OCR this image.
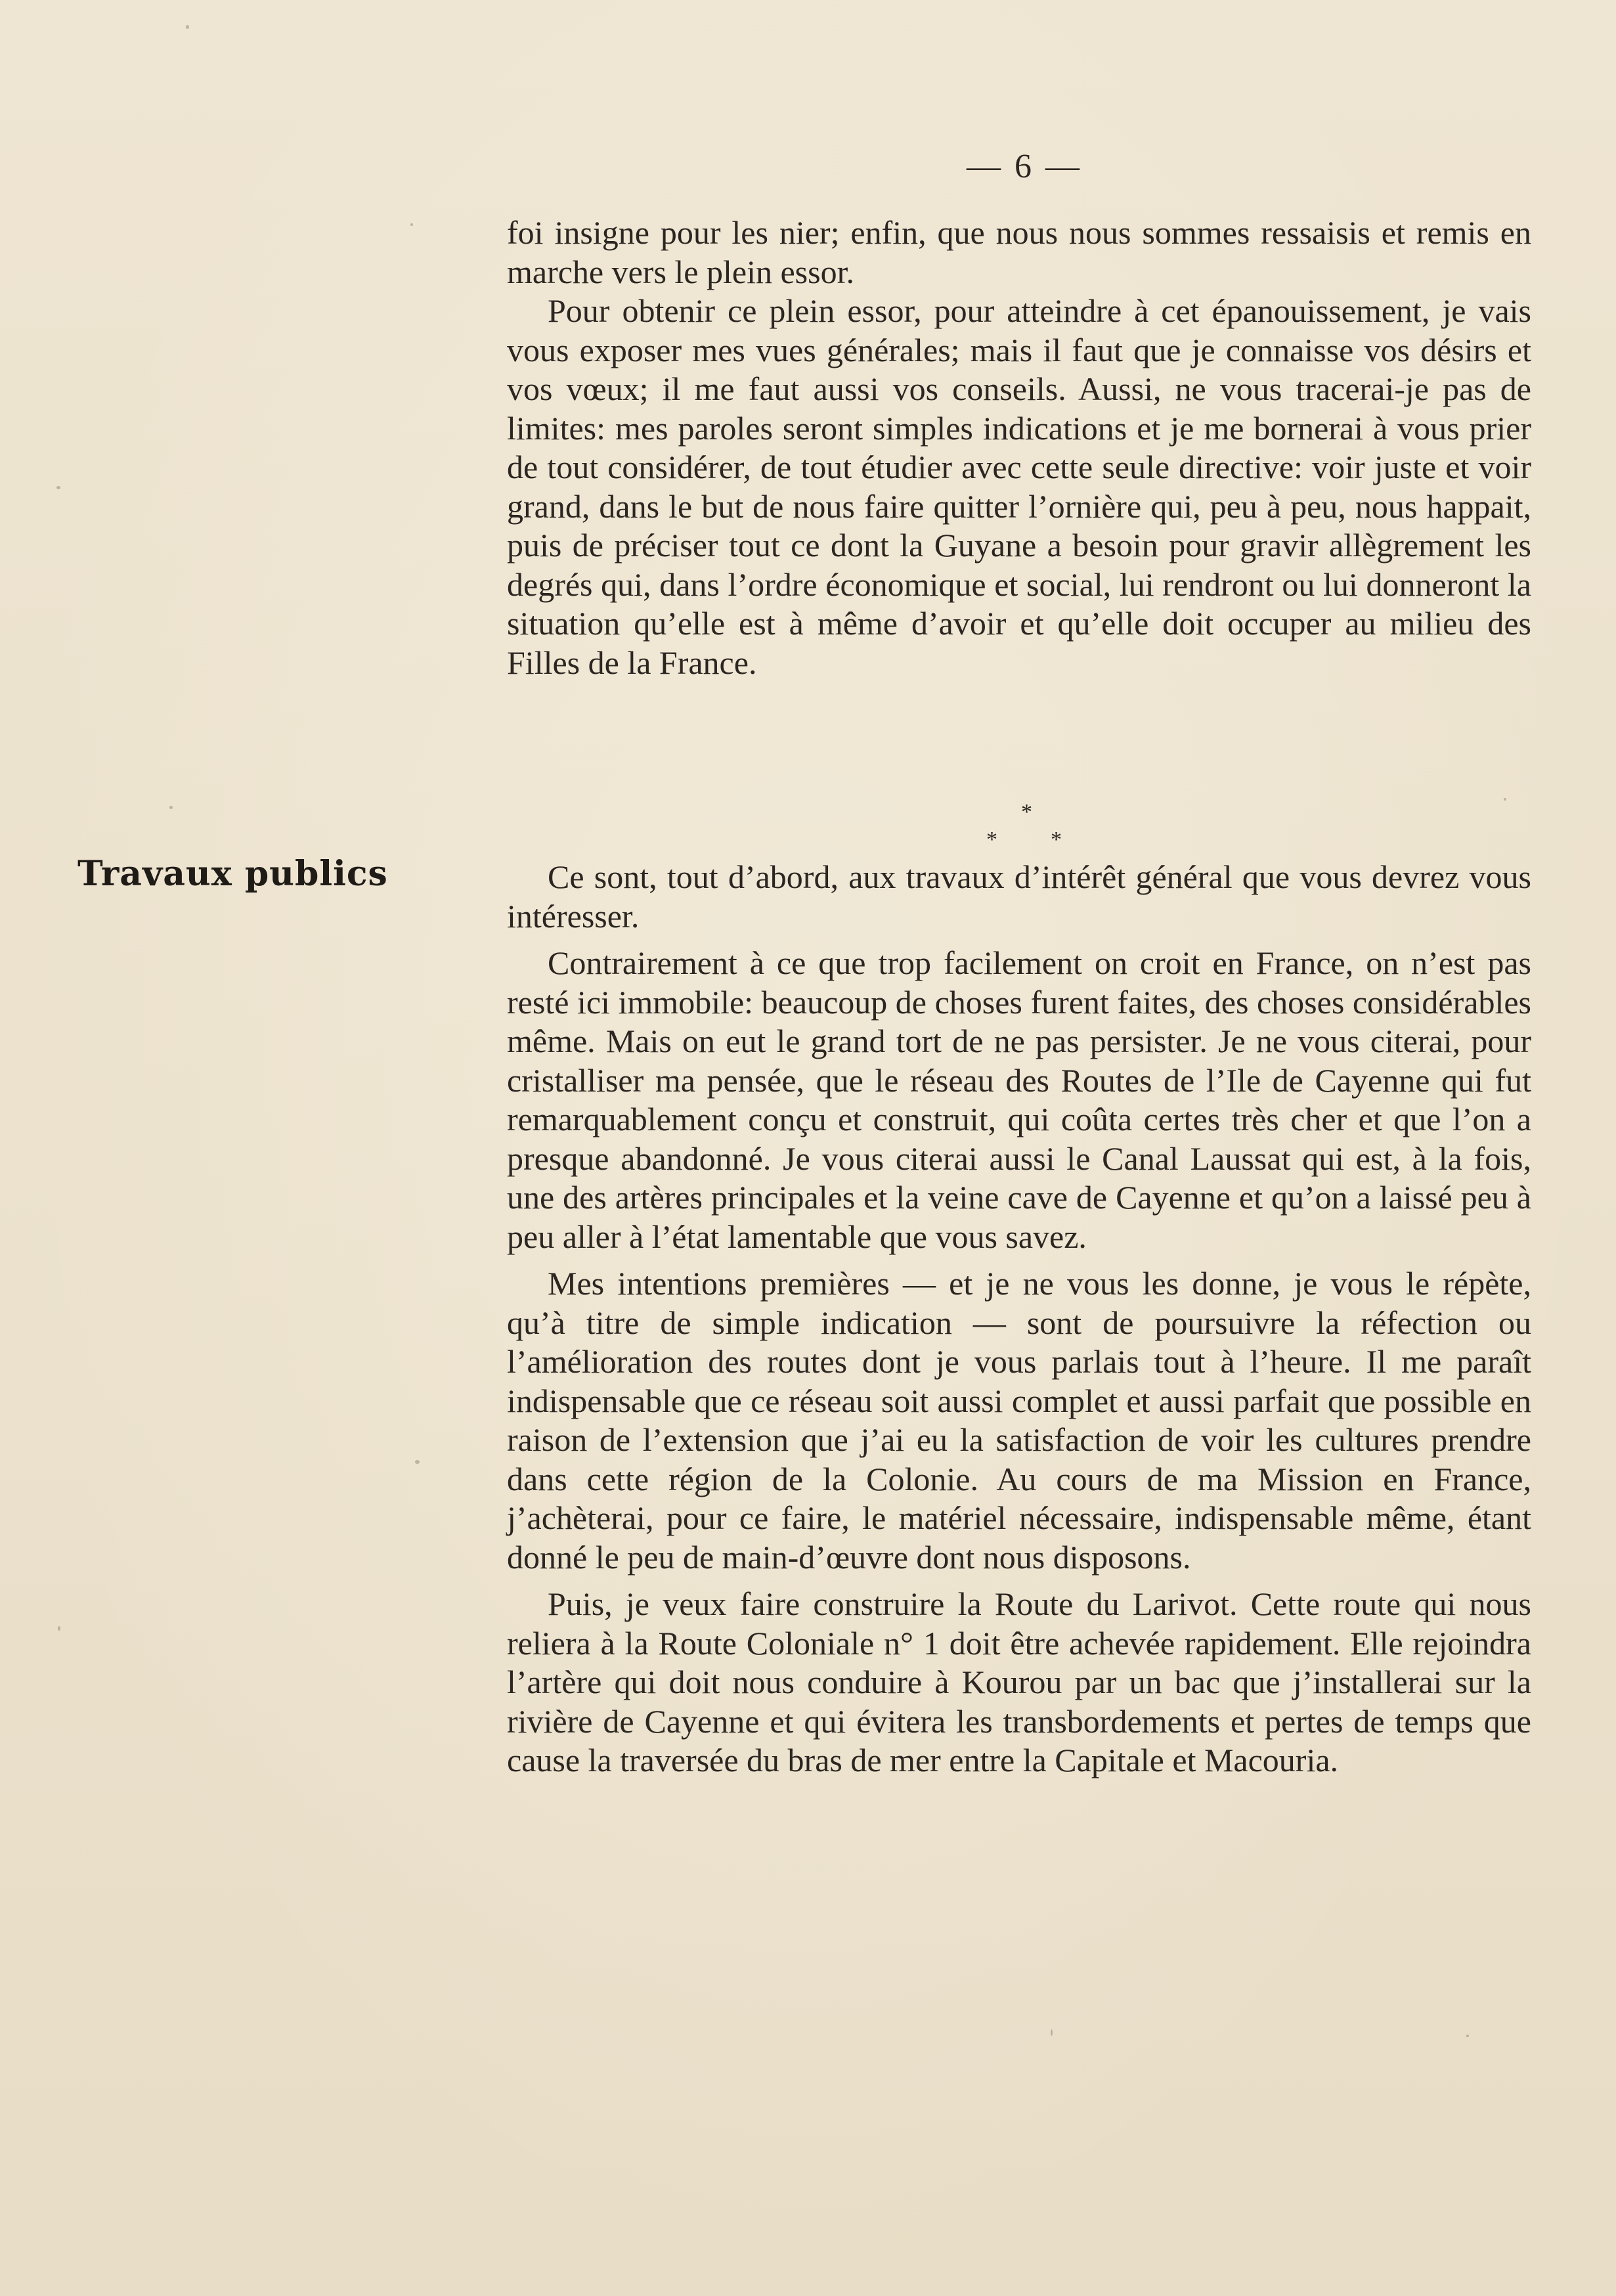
— 6 —

foi insigne pour les nier; enfin, que nous nous sommes ressaisis et remis en marche vers le plein essor.

Pour obtenir ce plein essor, pour atteindre à cet épanouissement, je vais vous exposer mes vues générales; mais il faut que je connaisse vos désirs et vos vœux; il me faut aussi vos conseils. Aussi, ne vous tracerai-je pas de limites: mes paroles seront simples indications et je me bornerai à vous prier de tout considérer, de tout étudier avec cette seule directive: voir juste et voir grand, dans le but de nous faire quitter l’ornière qui, peu à peu, nous happait, puis de préciser tout ce dont la Guyane a besoin pour gravir allègrement les degrés qui, dans l’ordre économique et social, lui rendront ou lui donneront la situation qu’elle est à même d’avoir et qu’elle doit occuper au milieu des Filles de la France.

*
* *
Travaux publics	Ce sont, tout d’abord, aux travaux d’intérêt général que vous devrez vous intéresser.

Contrairement à ce que trop facilement on croit en France, on n’est pas resté ici immobile: beaucoup de choses furent faites, des choses considérables même. Mais on eut le grand tort de ne pas persister. Je ne vous citerai, pour cristalliser ma pensée, que le réseau des Routes de l’Ile de Cayenne qui fut remarquablement conçu et construit, qui coûta certes très cher et que l’on a presque abandonné. Je vous citerai aussi le Canal Laussat qui est, à la fois, une des artères principales et la veine cave de Cayenne et qu’on a laissé peu à peu aller à l’état lamentable que vous savez.

Mes intentions premières — et je ne vous les donne, je vous le répète, qu’à titre de simple indication — sont de poursuivre la réfection ou l’amélioration des routes dont je vous parlais tout à l’heure. Il me paraît indispensable que ce réseau soit aussi complet et aussi parfait que possible en raison de l’extension que j’ai eu la satisfaction de voir les cultures prendre dans cette région de la Colonie. Au cours de ma Mission en France, j’achèterai, pour ce faire, le matériel nécessaire, indispensable même, étant donné le peu de main-d’œuvre dont nous disposons.

Puis, je veux faire construire la Route du Larivot. Cette route qui nous reliera à la Route Coloniale n° 1 doit être achevée rapidement. Elle rejoindra l’artère qui doit nous conduire à Kourou par un bac que j’installerai sur la rivière de Cayenne et qui évitera les transbordements et pertes de temps que cause la traversée du bras de mer entre la Capitale et Macouria.
